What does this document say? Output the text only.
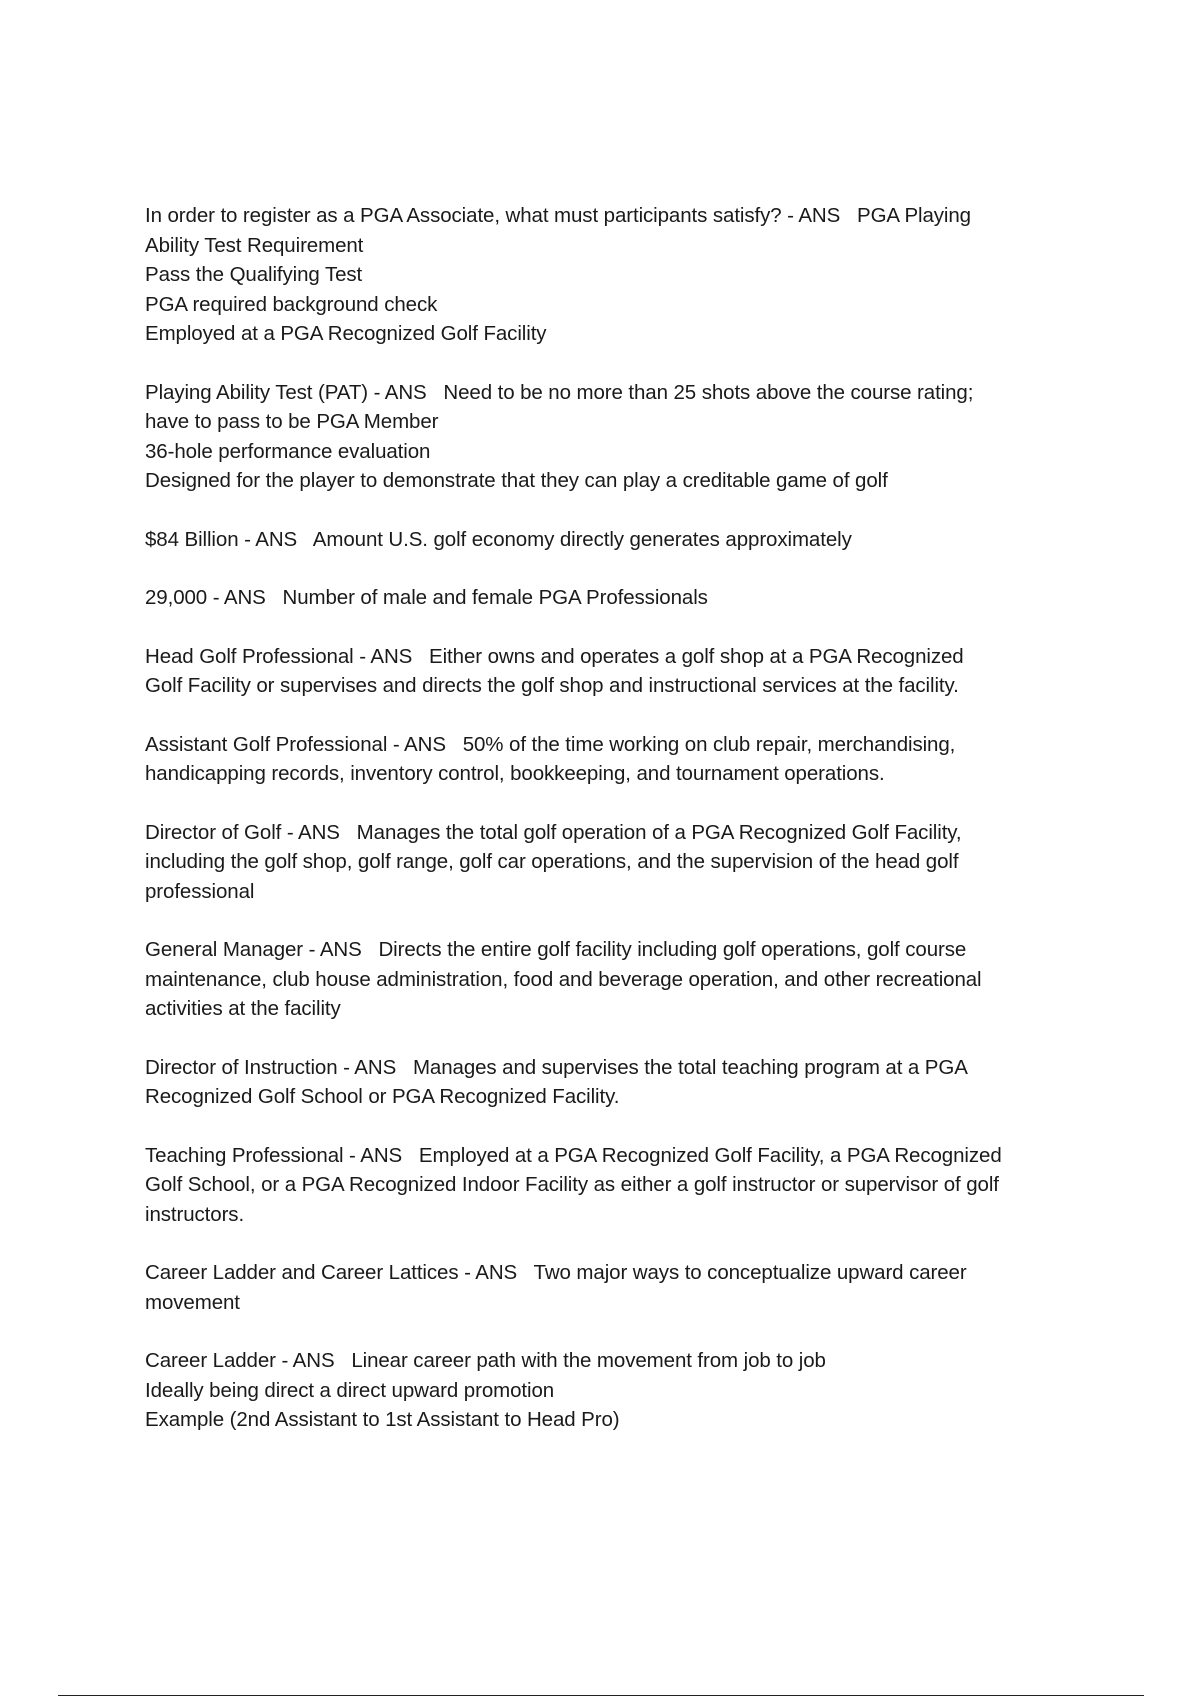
In order to register as a PGA Associate, what must participants satisfy? - ANS   PGA Playing
Ability Test Requirement
Pass the Qualifying Test
PGA required background check
Employed at a PGA Recognized Golf Facility
Playing Ability Test (PAT) - ANS   Need to be no more than 25 shots above the course rating;
have to pass to be PGA Member
36-hole performance evaluation
Designed for the player to demonstrate that they can play a creditable game of golf
$84 Billion - ANS   Amount U.S. golf economy directly generates approximately
29,000 - ANS   Number of male and female PGA Professionals
Head Golf Professional - ANS   Either owns and operates a golf shop at a PGA Recognized
Golf Facility or supervises and directs the golf shop and instructional services at the facility.
Assistant Golf Professional - ANS   50% of the time working on club repair, merchandising,
handicapping records, inventory control, bookkeeping, and tournament operations.
Director of Golf - ANS   Manages the total golf operation of a PGA Recognized Golf Facility,
including the golf shop, golf range, golf car operations, and the supervision of the head golf
professional
General Manager - ANS   Directs the entire golf facility including golf operations, golf course
maintenance, club house administration, food and beverage operation, and other recreational
activities at the facility
Director of Instruction - ANS   Manages and supervises the total teaching program at a PGA
Recognized Golf School or PGA Recognized Facility.
Teaching Professional - ANS   Employed at a PGA Recognized Golf Facility, a PGA Recognized
Golf School, or a PGA Recognized Indoor Facility as either a golf instructor or supervisor of golf
instructors.
Career Ladder and Career Lattices - ANS   Two major ways to conceptualize upward career
movement
Career Ladder - ANS   Linear career path with the movement from job to job
Ideally being direct a direct upward promotion
Example (2nd Assistant to 1st Assistant to Head Pro)
